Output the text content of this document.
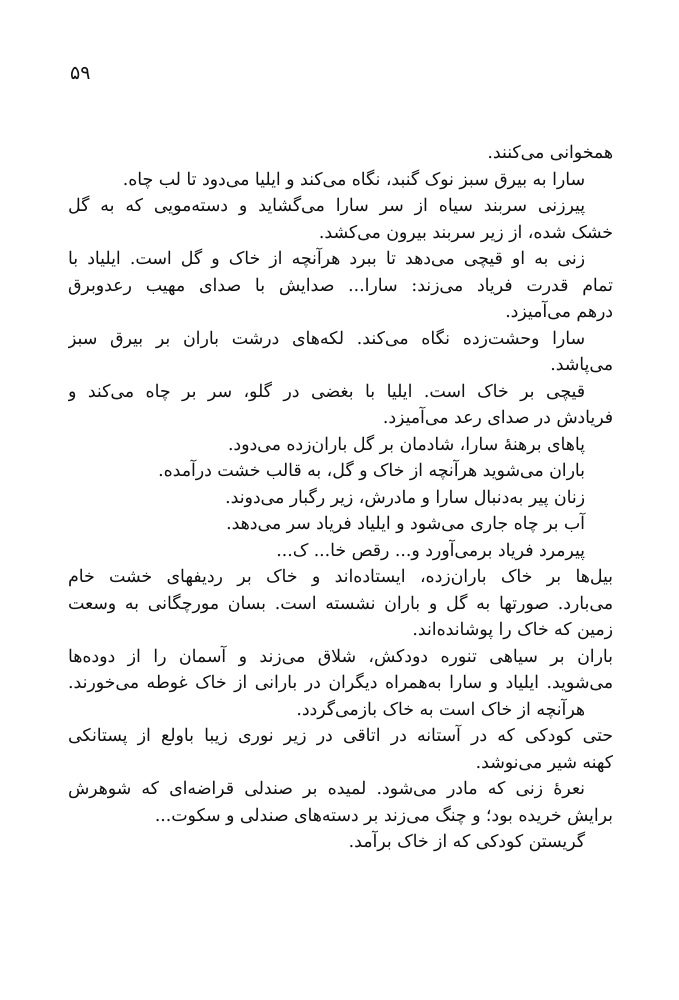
۵۹
همخوانی می‌کنند.
سارا به بیرق سبز نوک گنبد، نگاه می‌کند و ایلیا می‌دود تا لب چاه.
پیرزنی سربند سیاه از سر سارا می‌گشاید و دسته‌مویی که به گل
خشک شده، از زیر سربند بیرون می‌کشد.
زنی به او قیچی می‌دهد تا ببرد هرآنچه از خاک و گل است. ایلیاد با
تمام قدرت فریاد می‌زند: سارا... صدایش با صدای مهیب رعدوبرق
درهم می‌آمیزد.
سارا وحشت‌زده نگاه می‌کند. لکه‌های درشت باران بر بیرق سبز
می‌پاشد.
قیچی بر خاک است. ایلیا با بغضی در گلو، سر بر چاه می‌کند و
فریادش در صدای رعد می‌آمیزد.
پاهای برهنهٔ سارا، شادمان بر گل باران‌زده می‌دود.
باران می‌شوید هرآنچه از خاک و گل، به قالب خشت درآمده.
زنان پیر به‌دنبال سارا و مادرش، زیر رگبار می‌دوند.
آب بر چاه جاری می‌شود و ایلیاد فریاد سر می‌دهد.
پیرمرد فریاد برمی‌آورد و... رقص خا... ک...
بیل‌ها بر خاک باران‌زده، ایستاده‌اند و خاک بر ردیفهای خشت خام
می‌بارد. صورتها به گل و باران نشسته است. بسان مورچگانی به وسعت
زمین که خاک را پوشانده‌اند.
باران بر سیاهی تنوره دودکش، شلاق می‌زند و آسمان را از دوده‌ها
می‌شوید. ایلیاد و سارا به‌همراه دیگران در بارانی از خاک غوطه می‌خورند.
هرآنچه از خاک است به خاک بازمی‌گردد.
حتی کودکی که در آستانه در اتاقی در زیر نوری زیبا باولع از پستانکی
کهنه شیر می‌نوشد.
نعرهٔ زنی که مادر می‌شود. لمیده بر صندلی قراضه‌ای که شوهرش
برایش خریده بود؛ و چنگ می‌زند بر دسته‌های صندلی و سکوت...
گریستن کودکی که از خاک برآمد.
